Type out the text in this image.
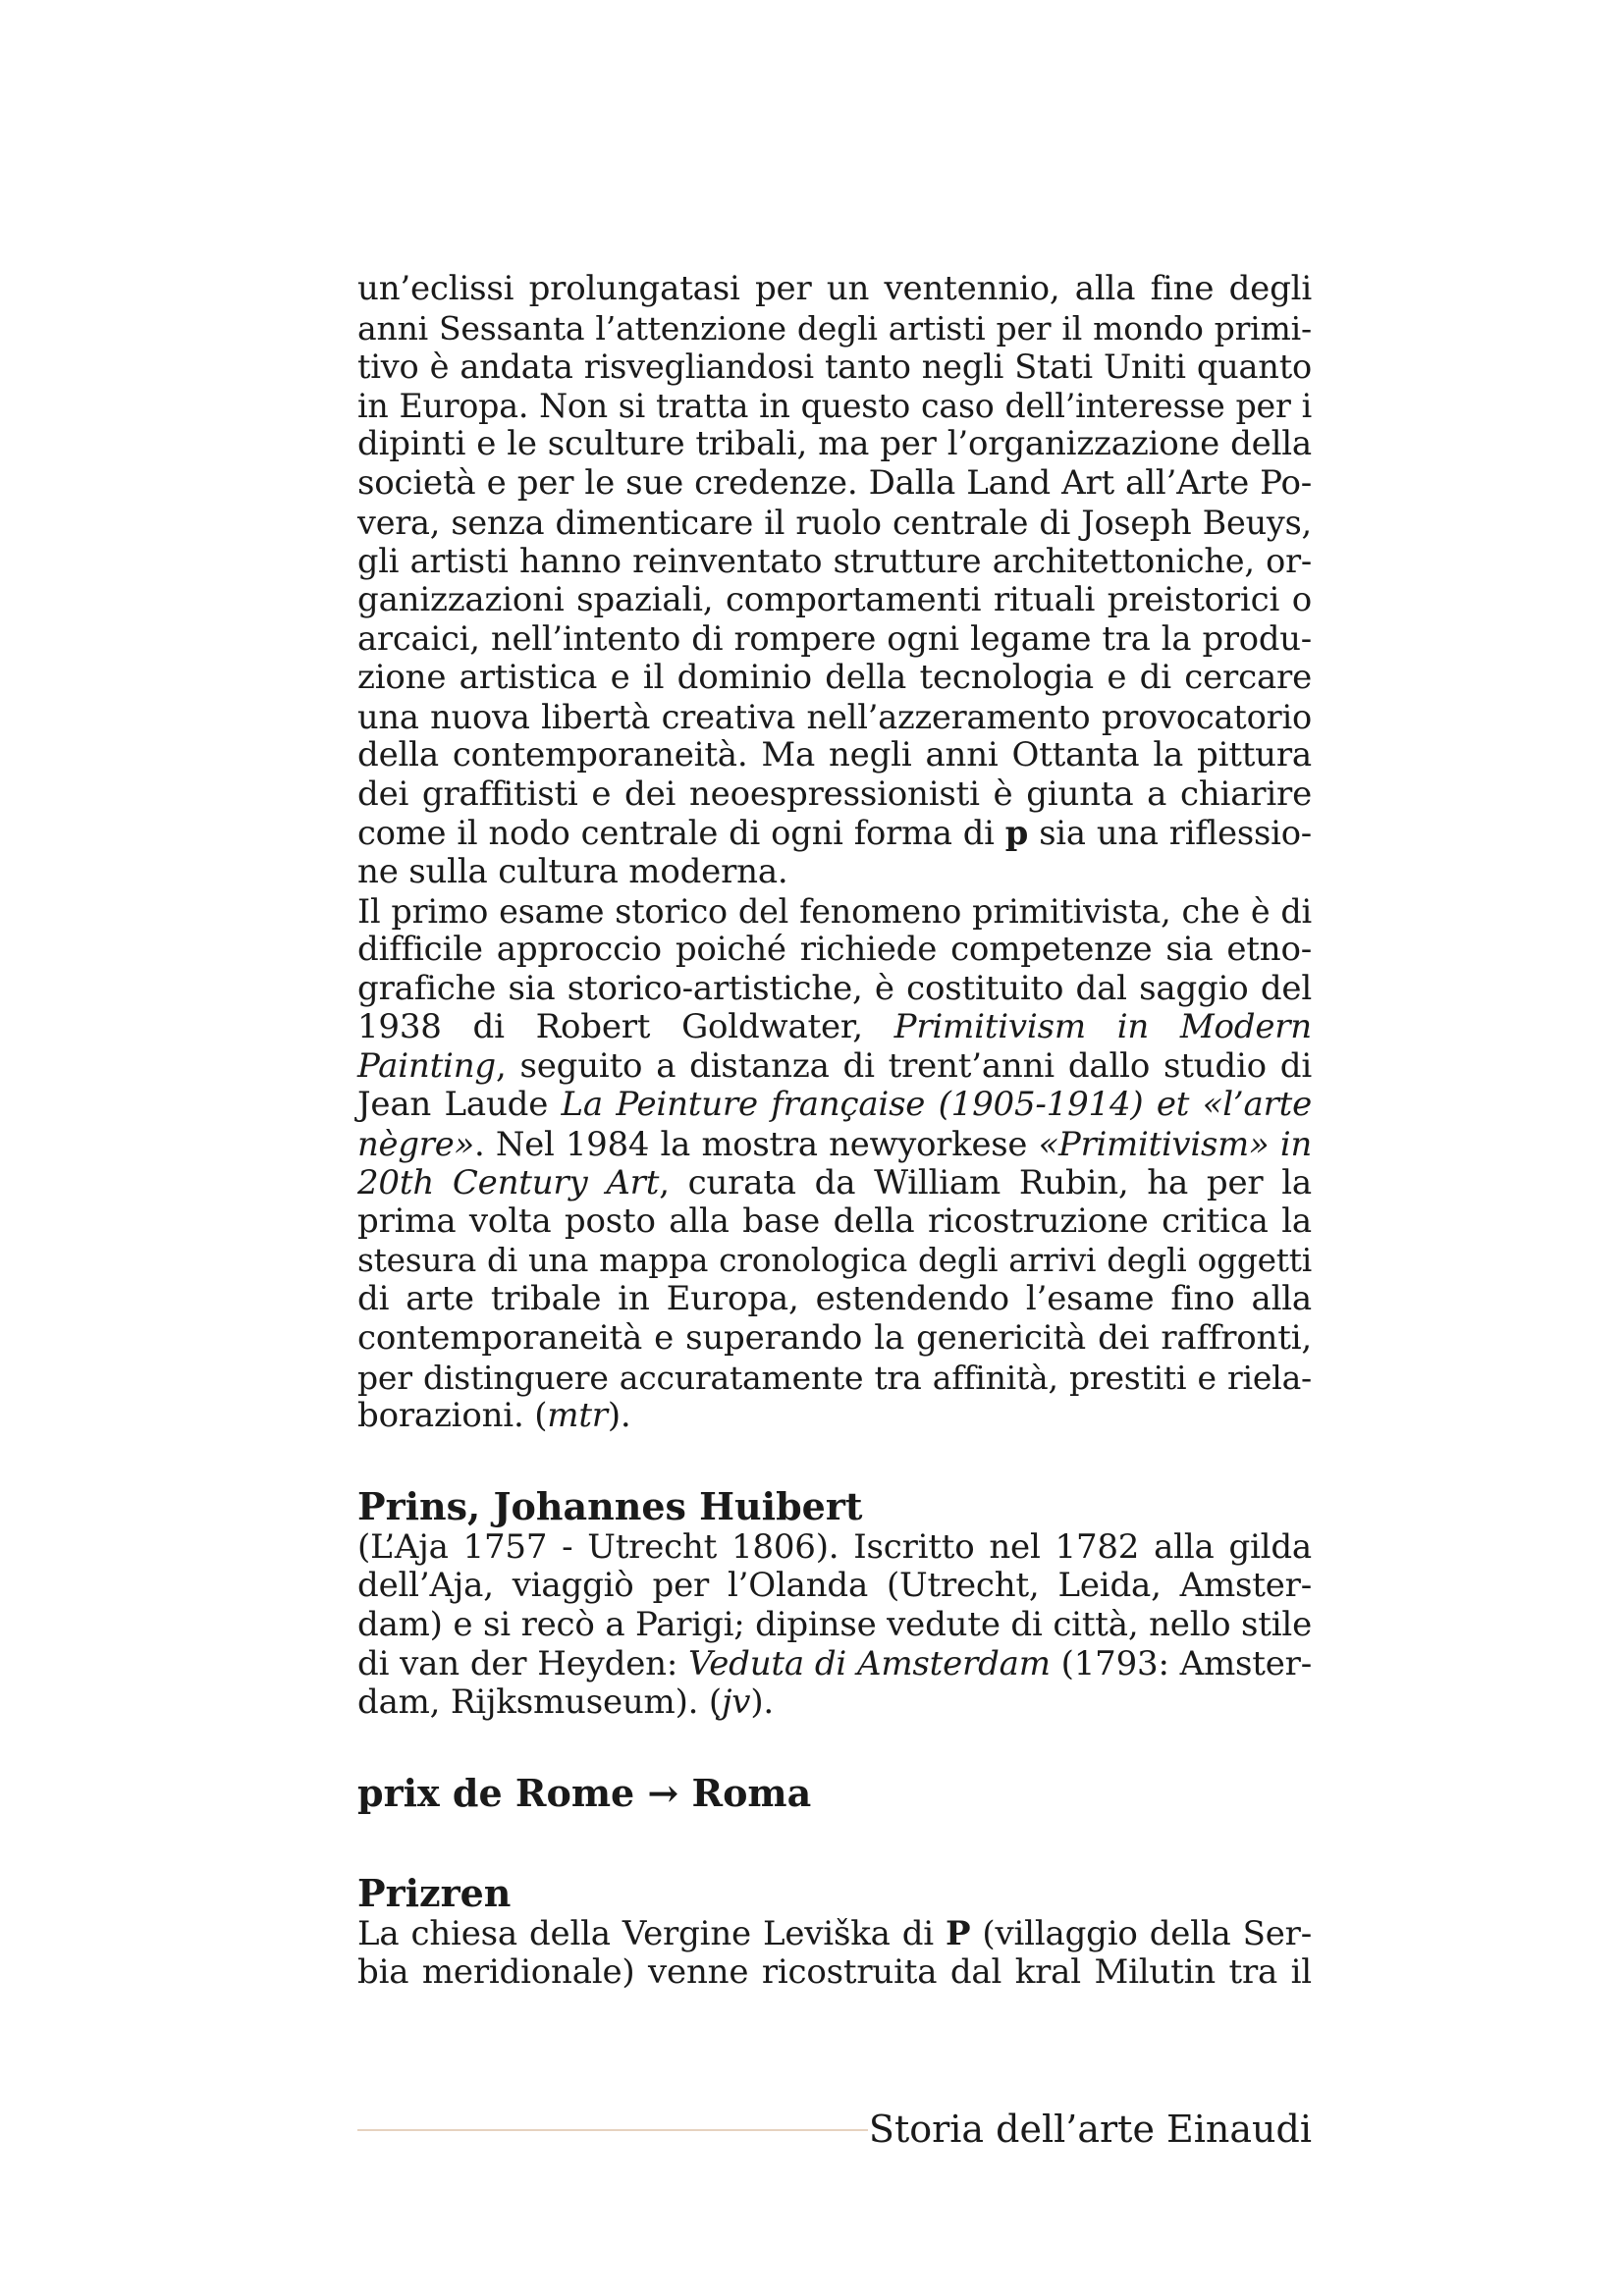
un’eclissi prolungatasi per un ventennio, alla fine degli
anni Sessanta l’attenzione degli artisti per il mondo primi-
tivo è andata risvegliandosi tanto negli Stati Uniti quanto
in Europa. Non si tratta in questo caso dell’interesse per i
dipinti e le sculture tribali, ma per l’organizzazione della
società e per le sue credenze. Dalla Land Art all’Arte Po-
vera, senza dimenticare il ruolo centrale di Joseph Beuys,
gli artisti hanno reinventato strutture architettoniche, or-
ganizzazioni spaziali, comportamenti rituali preistorici o
arcaici, nell’intento di rompere ogni legame tra la produ-
zione artistica e il dominio della tecnologia e di cercare
una nuova libertà creativa nell’azzeramento provocatorio
della contemporaneità. Ma negli anni Ottanta la pittura
dei graffitisti e dei neoespressionisti è giunta a chiarire
come il nodo centrale di ogni forma di p sia una riflessio-
ne sulla cultura moderna.
Il primo esame storico del fenomeno primitivista, che è di
difficile approccio poiché richiede competenze sia etno-
grafiche sia storico-artistiche, è costituito dal saggio del
1938 di Robert Goldwater, Primitivism in Modern
Painting, seguito a distanza di trent’anni dallo studio di
Jean Laude La Peinture française (1905-1914) et «l’arte
nègre». Nel 1984 la mostra newyorkese «Primitivism» in
20th Century Art, curata da William Rubin, ha per la
prima volta posto alla base della ricostruzione critica la
stesura di una mappa cronologica degli arrivi degli oggetti
di arte tribale in Europa, estendendo l’esame fino alla
contemporaneità e superando la genericità dei raffronti,
per distinguere accuratamente tra affinità, prestiti e riela-
borazioni. (mtr).
Prins, Johannes Huibert
(L’Aja 1757 - Utrecht 1806). Iscritto nel 1782 alla gilda
dell’Aja, viaggiò per l’Olanda (Utrecht, Leida, Amster-
dam) e si recò a Parigi; dipinse vedute di città, nello stile
di van der Heyden: Veduta di Amsterdam (1793: Amster-
dam, Rijksmuseum). (jv).
prix de Rome → Roma
Prizren
La chiesa della Vergine Leviška di P (villaggio della Ser-
bia meridionale) venne ricostruita dal kral Milutin tra il
Storia dell’arte Einaudi
